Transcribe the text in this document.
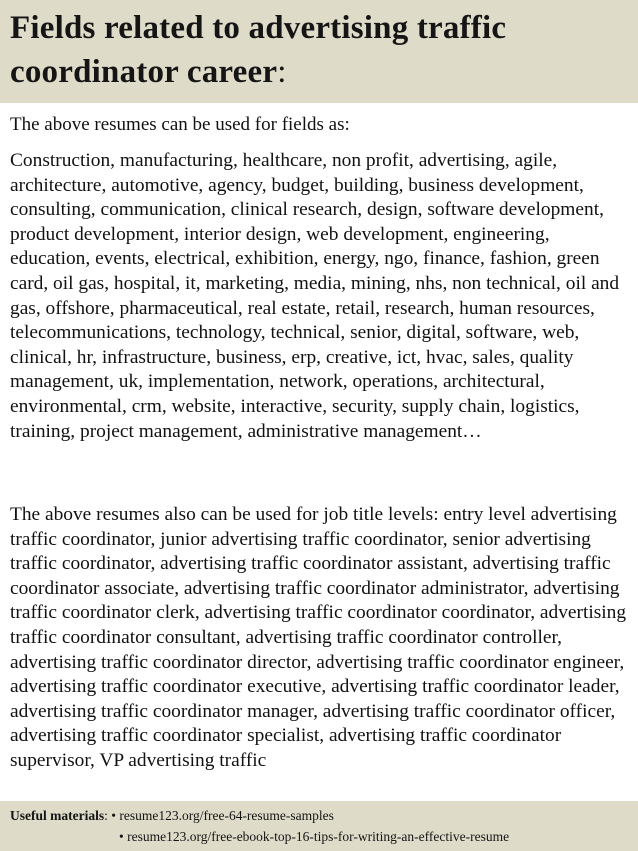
Fields related to advertising traffic coordinator career:

The above resumes can be used for fields as:

Construction, manufacturing, healthcare, non profit, advertising, agile, architecture, automotive, agency, budget, building, business development, consulting, communication, clinical research, design, software development, product development, interior design, web development, engineering, education, events, electrical, exhibition, energy, ngo, finance, fashion, green card, oil gas, hospital, it, marketing, media, mining, nhs, non technical, oil and gas, offshore, pharmaceutical, real estate, retail, research, human resources, telecommunications, technology, technical, senior, digital, software, web, clinical, hr, infrastructure, business, erp, creative, ict, hvac, sales, quality management, uk, implementation, network, operations, architectural, environmental, crm, website, interactive, security, supply chain, logistics, training, project management, administrative management…

The above resumes also can be used for job title levels: entry level advertising traffic coordinator, junior advertising traffic coordinator, senior advertising traffic coordinator, advertising traffic coordinator assistant, advertising traffic coordinator associate, advertising traffic coordinator administrator, advertising traffic coordinator clerk, advertising traffic coordinator coordinator, advertising traffic coordinator consultant, advertising traffic coordinator controller, advertising traffic coordinator director, advertising traffic coordinator engineer, advertising traffic coordinator executive, advertising traffic coordinator leader, advertising traffic coordinator manager, advertising traffic coordinator officer, advertising traffic coordinator specialist, advertising traffic coordinator supervisor, VP advertising traffic

Useful materials: • resume123.org/free-64-resume-samples
• resume123.org/free-ebook-top-16-tips-for-writing-an-effective-resume
